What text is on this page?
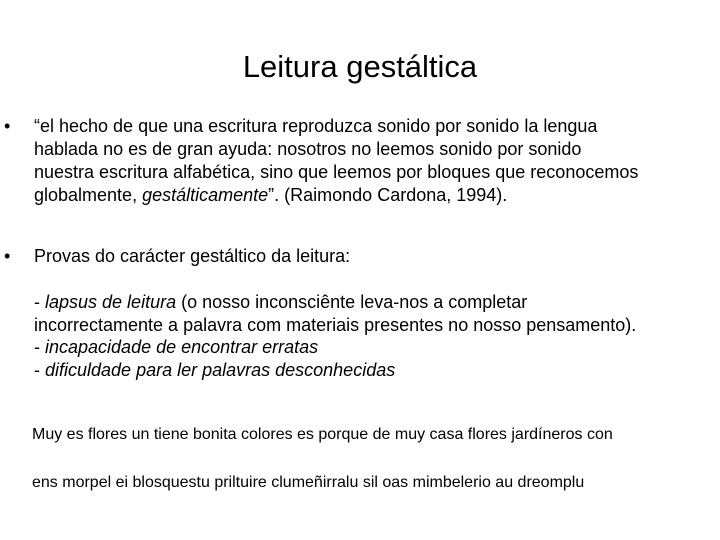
Leitura gestáltica
• “el hecho de que una escritura reproduzca sonido por sonido la lengua
hablada no es de gran ayuda: nosotros no leemos sonido por sonido
nuestra escritura alfabética, sino que leemos por bloques que reconocemos
globalmente, gestálticamente”. (Raimondo Cardona, 1994).
• Provas do carácter gestáltico da leitura:
- lapsus de leitura (o nosso inconsciênte leva-nos a completar
incorrectamente a palavra com materiais presentes no nosso pensamento).
- incapacidade de encontrar erratas
- dificuldade para ler palavras desconhecidas
Muy es flores un tiene bonita colores es porque de muy casa flores jardíneros con
ens morpel ei blosquestu priltuire clumeñirralu sil oas mimbelerio au dreomplu
